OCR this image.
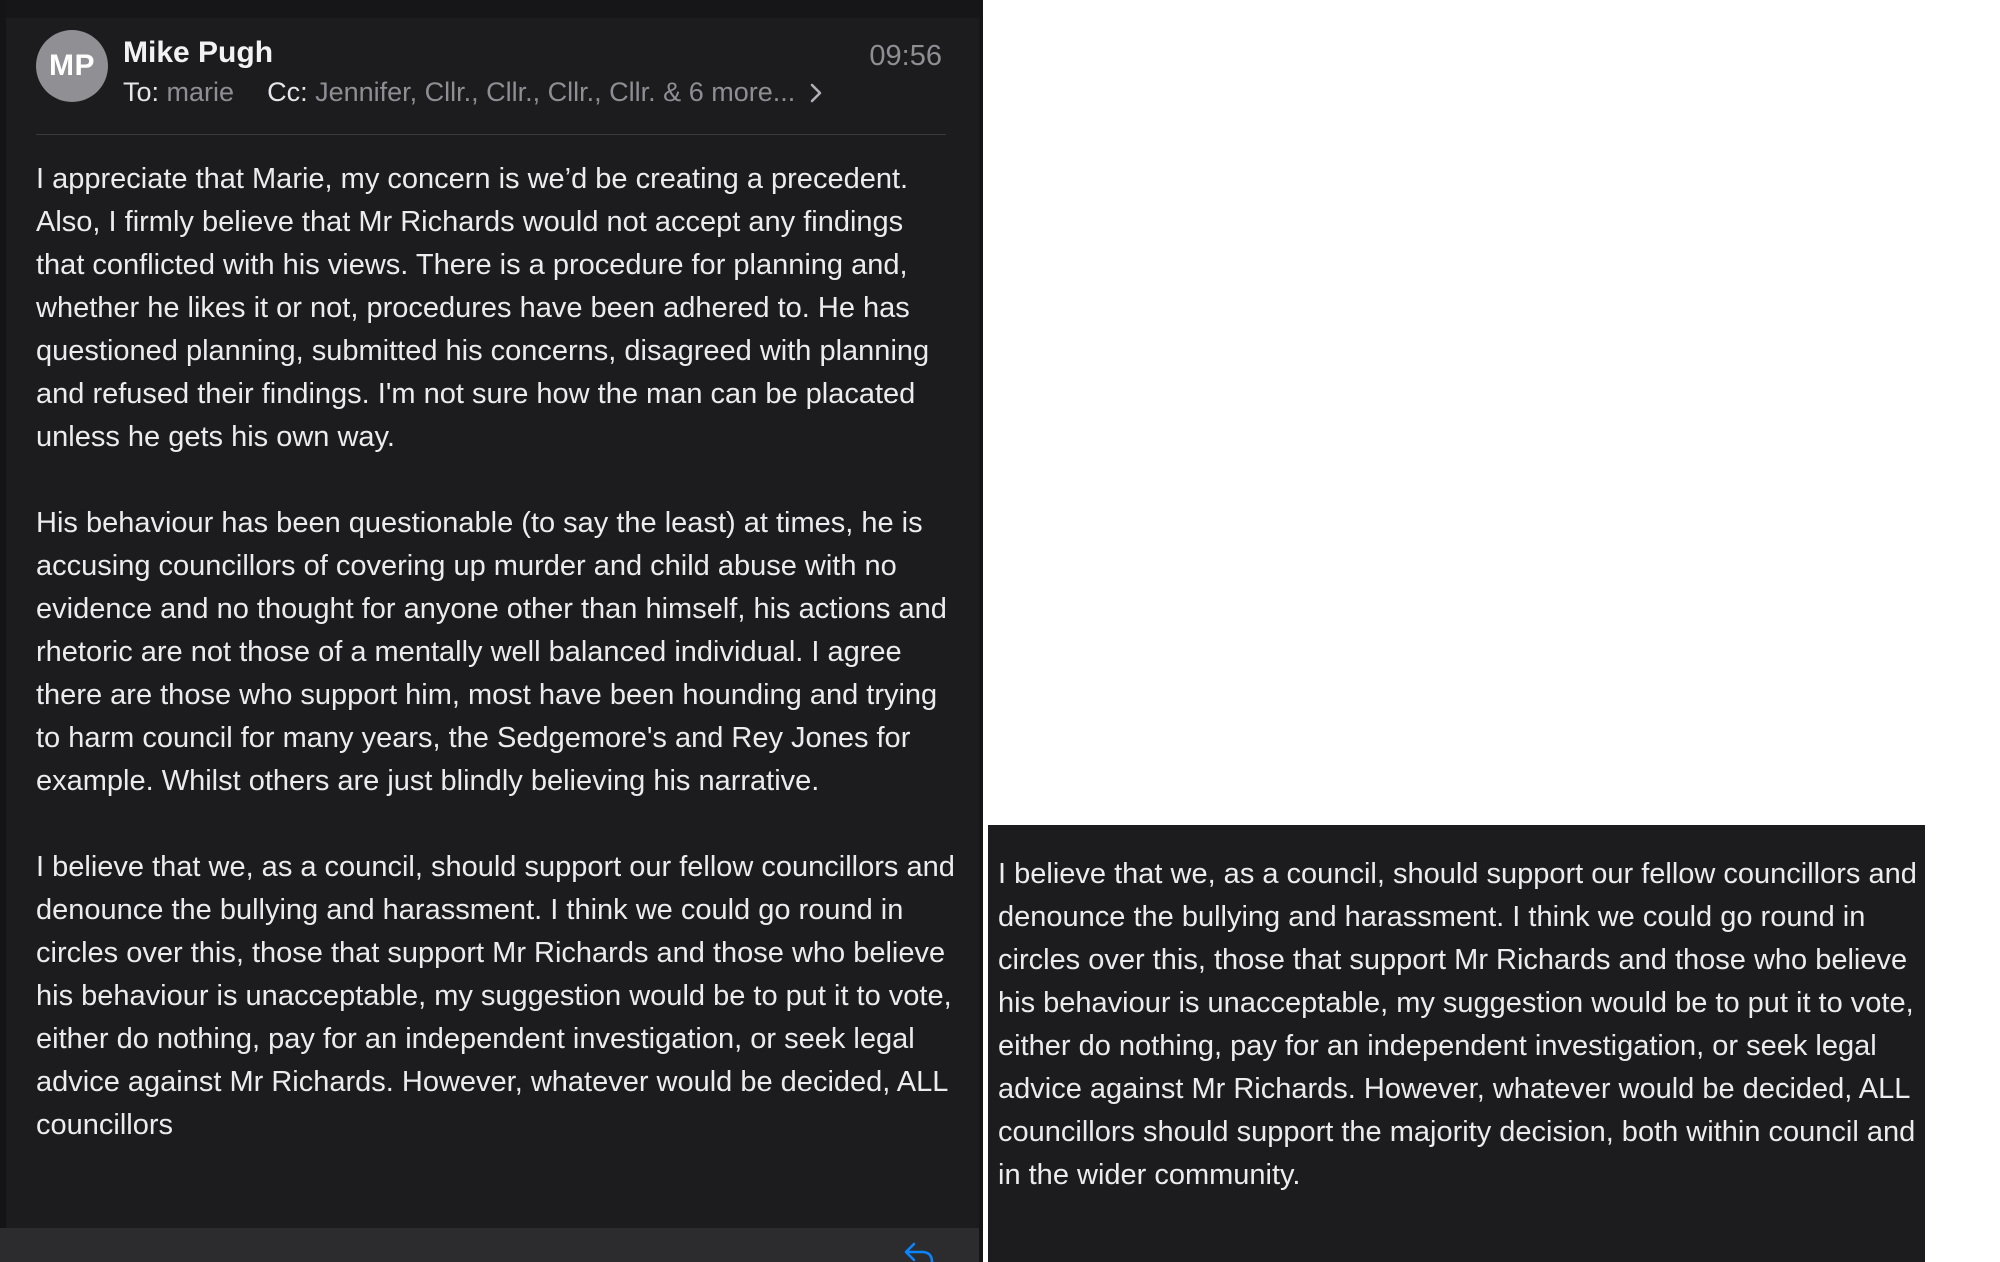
MP Mike Pugh	09:56
To: marie Cc: Jennifer, Cllr., Cllr., Cllr., Cllr. & 6 more...

I appreciate that Marie, my concern is we’d be creating a precedent. Also, I firmly believe that Mr Richards would not accept any findings that conflicted with his views. There is a procedure for planning and, whether he likes it or not, procedures have been adhered to. He has questioned planning, submitted his concerns, disagreed with planning and refused their findings. I'm not sure how the man can be placated unless he gets his own way.

His behaviour has been questionable (to say the least) at times, he is accusing councillors of covering up murder and child abuse with no evidence and no thought for anyone other than himself, his actions and rhetoric are not those of a mentally well balanced individual. I agree there are those who support him, most have been hounding and trying to harm council for many years, the Sedgemore's and Rey Jones for example. Whilst others are just blindly believing his narrative.

I believe that we, as a council, should support our fellow councillors and denounce the bullying and harassment. I think we could go round in circles over this, those that support Mr Richards and those who believe his behaviour is unacceptable, my suggestion would be to put it to vote, either do nothing, pay for an independent investigation, or seek legal advice against Mr Richards. However, whatever would be decided, ALL councillors

I believe that we, as a council, should support our fellow councillors and denounce the bullying and harassment. I think we could go round in circles over this, those that support Mr Richards and those who believe his behaviour is unacceptable, my suggestion would be to put it to vote, either do nothing, pay for an independent investigation, or seek legal advice against Mr Richards. However, whatever would be decided, ALL councillors should support the majority decision, both within council and in the wider community.
